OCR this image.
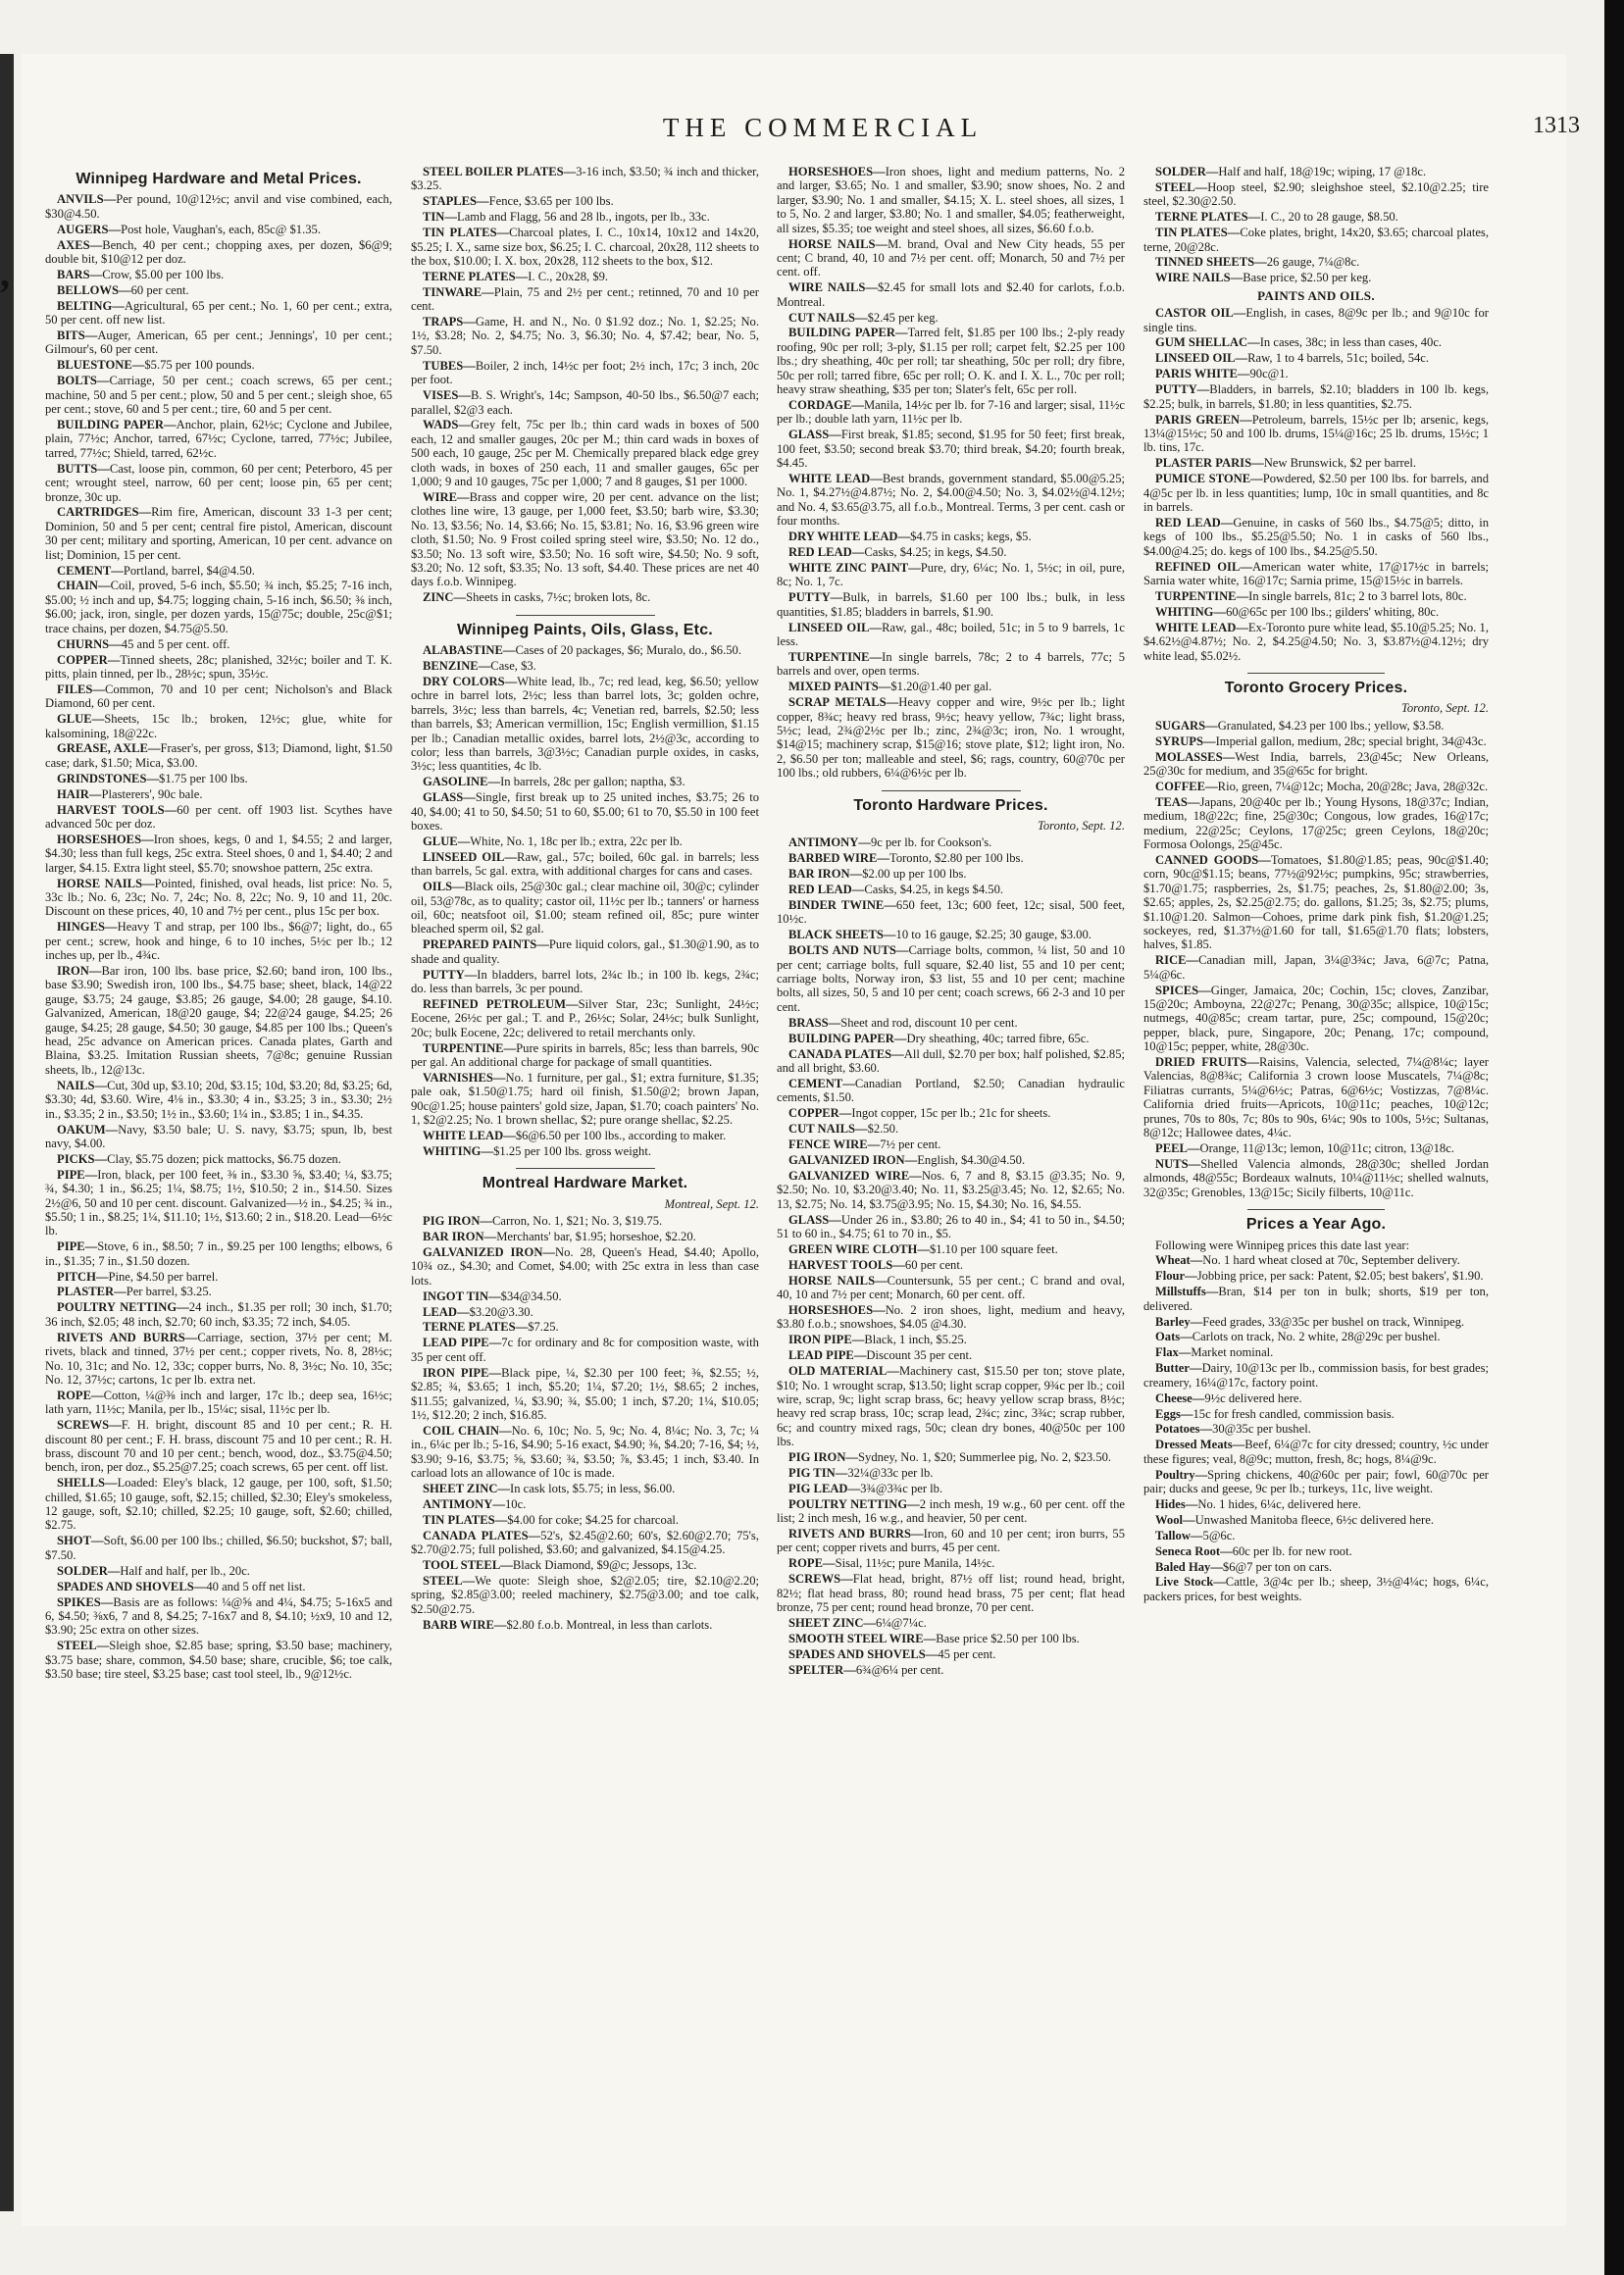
,
THE COMMERCIAL	1313
Winnipeg Hardware and Metal Prices.

ANVILS—Per pound, 10@12½c; anvil and vise combined, each, $30@4.50.

AUGERS—Post hole, Vaughan's, each, 85c@ $1.35.

AXES—Bench, 40 per cent.; chopping axes, per dozen, $6@9; double bit, $10@12 per doz.

BARS—Crow, $5.00 per 100 lbs.

BELLOWS—60 per cent.

BELTING—Agricultural, 65 per cent.; No. 1, 60 per cent.; extra, 50 per cent. off new list.

BITS—Auger, American, 65 per cent.; Jennings', 10 per cent.; Gilmour's, 60 per cent.

BLUESTONE—$5.75 per 100 pounds.

BOLTS—Carriage, 50 per cent.; coach screws, 65 per cent.; machine, 50 and 5 per cent.; plow, 50 and 5 per cent.; sleigh shoe, 65 per cent.; stove, 60 and 5 per cent.; tire, 60 and 5 per cent.

BUILDING PAPER—Anchor, plain, 62½c; Cyclone and Jubilee, plain, 77½c; Anchor, tarred, 67½c; Cyclone, tarred, 77½c; Jubilee, tarred, 77½c; Shield, tarred, 62½c.

BUTTS—Cast, loose pin, common, 60 per cent; Peterboro, 45 per cent; wrought steel, narrow, 60 per cent; loose pin, 65 per cent; bronze, 30c up.

CARTRIDGES—Rim fire, American, discount 33 1-3 per cent; Dominion, 50 and 5 per cent; central fire pistol, American, discount 30 per cent; military and sporting, American, 10 per cent. advance on list; Dominion, 15 per cent.

CEMENT—Portland, barrel, $4@4.50.

CHAIN—Coil, proved, 5-6 inch, $5.50; ¾ inch, $5.25; 7-16 inch, $5.00; ½ inch and up, $4.75; logging chain, 5-16 inch, $6.50; ⅜ inch, $6.00; jack, iron, single, per dozen yards, 15@75c; double, 25c@$1; trace chains, per dozen, $4.75@5.50.

CHURNS—45 and 5 per cent. off.

COPPER—Tinned sheets, 28c; planished, 32½c; boiler and T. K. pitts, plain tinned, per lb., 28½c; spun, 35½c.

FILES—Common, 70 and 10 per cent; Nicholson's and Black Diamond, 60 per cent.

GLUE—Sheets, 15c lb.; broken, 12½c; glue, white for kalsomining, 18@22c.

GREASE, AXLE—Fraser's, per gross, $13; Diamond, light, $1.50 case; dark, $1.50; Mica, $3.00.

GRINDSTONES—$1.75 per 100 lbs.

HAIR—Plasterers', 90c bale.

HARVEST TOOLS—60 per cent. off 1903 list. Scythes have advanced 50c per doz.

HORSESHOES—Iron shoes, kegs, 0 and 1, $4.55; 2 and larger, $4.30; less than full kegs, 25c extra. Steel shoes, 0 and 1, $4.40; 2 and larger, $4.15. Extra light steel, $5.70; snowshoe pattern, 25c extra.

HORSE NAILS—Pointed, finished, oval heads, list price: No. 5, 33c lb.; No. 6, 23c; No. 7, 24c; No. 8, 22c; No. 9, 10 and 11, 20c. Discount on these prices, 40, 10 and 7½ per cent., plus 15c per box.

HINGES—Heavy T and strap, per 100 lbs., $6@7; light, do., 65 per cent.; screw, hook and hinge, 6 to 10 inches, 5½c per lb.; 12 inches up, per lb., 4¾c.

IRON—Bar iron, 100 lbs. base price, $2.60; band iron, 100 lbs., base $3.90; Swedish iron, 100 lbs., $4.75 base; sheet, black, 14@22 gauge, $3.75; 24 gauge, $3.85; 26 gauge, $4.00; 28 gauge, $4.10. Galvanized, American, 18@20 gauge, $4; 22@24 gauge, $4.25; 26 gauge, $4.25; 28 gauge, $4.50; 30 gauge, $4.85 per 100 lbs.; Queen's head, 25c advance on American prices. Canada plates, Garth and Blaina, $3.25. Imitation Russian sheets, 7@8c; genuine Russian sheets, lb., 12@13c.

NAILS—Cut, 30d up, $3.10; 20d, $3.15; 10d, $3.20; 8d, $3.25; 6d, $3.30; 4d, $3.60. Wire, 4⅛ in., $3.30; 4 in., $3.25; 3 in., $3.30; 2½ in., $3.35; 2 in., $3.50; 1½ in., $3.60; 1¼ in., $3.85; 1 in., $4.35.

OAKUM—Navy, $3.50 bale; U. S. navy, $3.75; spun, lb, best navy, $4.00.

PICKS—Clay, $5.75 dozen; pick mattocks, $6.75 dozen.

PIPE—Iron, black, per 100 feet, ⅜ in., $3.30 ⅝, $3.40; ¼, $3.75; ¾, $4.30; 1 in., $6.25; 1¼, $8.75; 1½, $10.50; 2 in., $14.50. Sizes 2½@6, 50 and 10 per cent. discount. Galvanized—½ in., $4.25; ¾ in., $5.50; 1 in., $8.25; 1¼, $11.10; 1½, $13.60; 2 in., $18.20. Lead—6½c lb.

PIPE—Stove, 6 in., $8.50; 7 in., $9.25 per 100 lengths; elbows, 6 in., $1.35; 7 in., $1.50 dozen.

PITCH—Pine, $4.50 per barrel.

PLASTER—Per barrel, $3.25.

POULTRY NETTING—24 inch., $1.35 per roll; 30 inch, $1.70; 36 inch, $2.05; 48 inch, $2.70; 60 inch, $3.35; 72 inch, $4.05.

RIVETS AND BURRS—Carriage, section, 37½ per cent; M. rivets, black and tinned, 37½ per cent.; copper rivets, No. 8, 28½c; No. 10, 31c; and No. 12, 33c; copper burrs, No. 8, 3½c; No. 10, 35c; No. 12, 37½c; cartons, 1c per lb. extra net.

ROPE—Cotton, ¼@⅜ inch and larger, 17c lb.; deep sea, 16½c; lath yarn, 11½c; Manila, per lb., 15¼c; sisal, 11½c per lb.

SCREWS—F. H. bright, discount 85 and 10 per cent.; R. H. discount 80 per cent.; F. H. brass, discount 75 and 10 per cent.; R. H. brass, discount 70 and 10 per cent.; bench, wood, doz., $3.75@4.50; bench, iron, per doz., $5.25@7.25; coach screws, 65 per cent. off list.

SHELLS—Loaded: Eley's black, 12 gauge, per 100, soft, $1.50; chilled, $1.65; 10 gauge, soft, $2.15; chilled, $2.30; Eley's smokeless, 12 gauge, soft, $2.10; chilled, $2.25; 10 gauge, soft, $2.60; chilled, $2.75.

SHOT—Soft, $6.00 per 100 lbs.; chilled, $6.50; buckshot, $7; ball, $7.50.

SOLDER—Half and half, per lb., 20c.

SPADES AND SHOVELS—40 and 5 off net list.

SPIKES—Basis are as follows: ¼@⅝ and 4¼, $4.75; 5-16x5 and 6, $4.50; ⅜x6, 7 and 8, $4.25; 7-16x7 and 8, $4.10; ½x9, 10 and 12, $3.90; 25c extra on other sizes.

STEEL—Sleigh shoe, $2.85 base; spring, $3.50 base; machinery, $3.75 base; share, common, $4.50 base; share, crucible, $6; toe calk, $3.50 base; tire steel, $3.25 base; cast tool steel, lb., 9@12½c.

STEEL BOILER PLATES—3-16 inch, $3.50; ¾ inch and thicker, $3.25.

STAPLES—Fence, $3.65 per 100 lbs.

TIN—Lamb and Flagg, 56 and 28 lb., ingots, per lb., 33c.

TIN PLATES—Charcoal plates, I. C., 10x14, 10x12 and 14x20, $5.25; I. X., same size box, $6.25; I. C. charcoal, 20x28, 112 sheets to the box, $10.00; I. X. box, 20x28, 112 sheets to the box, $12.

TERNE PLATES—I. C., 20x28, $9.

TINWARE—Plain, 75 and 2½ per cent.; retinned, 70 and 10 per cent.

TRAPS—Game, H. and N., No. 0 $1.92 doz.; No. 1, $2.25; No. 1½, $3.28; No. 2, $4.75; No. 3, $6.30; No. 4, $7.42; bear, No. 5, $7.50.

TUBES—Boiler, 2 inch, 14½c per foot; 2½ inch, 17c; 3 inch, 20c per foot.

VISES—B. S. Wright's, 14c; Sampson, 40-50 lbs., $6.50@7 each; parallel, $2@3 each.

WADS—Grey felt, 75c per lb.; thin card wads in boxes of 500 each, 12 and smaller gauges, 20c per M.; thin card wads in boxes of 500 each, 10 gauge, 25c per M. Chemically prepared black edge grey cloth wads, in boxes of 250 each, 11 and smaller gauges, 65c per 1,000; 9 and 10 gauges, 75c per 1,000; 7 and 8 gauges, $1 per 1000.

WIRE—Brass and copper wire, 20 per cent. advance on the list; clothes line wire, 13 gauge, per 1,000 feet, $3.50; barb wire, $3.30; No. 13, $3.56; No. 14, $3.66; No. 15, $3.81; No. 16, $3.96 green wire cloth, $1.50; No. 9 Frost coiled spring steel wire, $3.50; No. 12 do., $3.50; No. 13 soft wire, $3.50; No. 16 soft wire, $4.50; No. 9 soft, $3.20; No. 12 soft, $3.35; No. 13 soft, $4.40. These prices are net 40 days f.o.b. Winnipeg.

ZINC—Sheets in casks, 7½c; broken lots, 8c.

Winnipeg Paints, Oils, Glass, Etc.

ALABASTINE—Cases of 20 packages, $6; Muralo, do., $6.50.

BENZINE—Case, $3.

DRY COLORS—White lead, lb., 7c; red lead, keg, $6.50; yellow ochre in barrel lots, 2½c; less than barrel lots, 3c; golden ochre, barrels, 3½c; less than barrels, 4c; Venetian red, barrels, $2.50; less than barrels, $3; American vermillion, 15c; English vermillion, $1.15 per lb.; Canadian metallic oxides, barrel lots, 2½@3c, according to color; less than barrels, 3@3½c; Canadian purple oxides, in casks, 3½c; less quantities, 4c lb.

GASOLINE—In barrels, 28c per gallon; naptha, $3.

GLASS—Single, first break up to 25 united inches, $3.75; 26 to 40, $4.00; 41 to 50, $4.50; 51 to 60, $5.00; 61 to 70, $5.50 in 100 feet boxes.

GLUE—White, No. 1, 18c per lb.; extra, 22c per lb.

LINSEED OIL—Raw, gal., 57c; boiled, 60c gal. in barrels; less than barrels, 5c gal. extra, with additional charges for cans and cases.

OILS—Black oils, 25@30c gal.; clear machine oil, 30@c; cylinder oil, 53@78c, as to quality; castor oil, 11½c per lb.; tanners' or harness oil, 60c; neatsfoot oil, $1.00; steam refined oil, 85c; pure winter bleached sperm oil, $2 gal.

PREPARED PAINTS—Pure liquid colors, gal., $1.30@1.90, as to shade and quality.

PUTTY—In bladders, barrel lots, 2¾c lb.; in 100 lb. kegs, 2¾c; do. less than barrels, 3c per pound.

REFINED PETROLEUM—Silver Star, 23c; Sunlight, 24½c; Eocene, 26½c per gal.; T. and P., 26½c; Solar, 24½c; bulk Sunlight, 20c; bulk Eocene, 22c; delivered to retail merchants only.

TURPENTINE—Pure spirits in barrels, 85c; less than barrels, 90c per gal. An additional charge for package of small quantities.

VARNISHES—No. 1 furniture, per gal., $1; extra furniture, $1.35; pale oak, $1.50@1.75; hard oil finish, $1.50@2; brown Japan, 90c@1.25; house painters' gold size, Japan, $1.70; coach painters' No. 1, $2@2.25; No. 1 brown shellac, $2; pure orange shellac, $2.25.

WHITE LEAD—$6@6.50 per 100 lbs., according to maker.

WHITING—$1.25 per 100 lbs. gross weight.

Montreal Hardware Market.

Montreal, Sept. 12.

PIG IRON—Carron, No. 1, $21; No. 3, $19.75.

BAR IRON—Merchants' bar, $1.95; horseshoe, $2.20.

GALVANIZED IRON—No. 28, Queen's Head, $4.40; Apollo, 10¾ oz., $4.30; and Comet, $4.00; with 25c extra in less than case lots.

INGOT TIN—$34@34.50.

LEAD—$3.20@3.30.

TERNE PLATES—$7.25.

LEAD PIPE—7c for ordinary and 8c for composition waste, with 35 per cent off.

IRON PIPE—Black pipe, ¼, $2.30 per 100 feet; ⅜, $2.55; ½, $2.85; ¾, $3.65; 1 inch, $5.20; 1¼, $7.20; 1½, $8.65; 2 inches, $11.55; galvanized, ¼, $3.90; ¾, $5.00; 1 inch, $7.20; 1¼, $10.05; 1½, $12.20; 2 inch, $16.85.

COIL CHAIN—No. 6, 10c; No. 5, 9c; No. 4, 8¼c; No. 3, 7c; ¼ in., 6¼c per lb.; 5-16, $4.90; 5-16 exact, $4.90; ⅜, $4.20; 7-16, $4; ½, $3.90; 9-16, $3.75; ⅝, $3.60; ¾, $3.50; ⅞, $3.45; 1 inch, $3.40. In carload lots an allowance of 10c is made.

SHEET ZINC—In cask lots, $5.75; in less, $6.00.

ANTIMONY—10c.

TIN PLATES—$4.00 for coke; $4.25 for charcoal.

CANADA PLATES—52's, $2.45@2.60; 60's, $2.60@2.70; 75's, $2.70@2.75; full polished, $3.60; and galvanized, $4.15@4.25.

TOOL STEEL—Black Diamond, $9@c; Jessops, 13c.

STEEL—We quote: Sleigh shoe, $2@2.05; tire, $2.10@2.20; spring, $2.85@3.00; reeled machinery, $2.75@3.00; and toe calk, $2.50@2.75.

BARB WIRE—$2.80 f.o.b. Montreal, in less than carlots.

HORSESHOES—Iron shoes, light and medium patterns, No. 2 and larger, $3.65; No. 1 and smaller, $3.90; snow shoes, No. 2 and larger, $3.90; No. 1 and smaller, $4.15; X. L. steel shoes, all sizes, 1 to 5, No. 2 and larger, $3.80; No. 1 and smaller, $4.05; featherweight, all sizes, $5.35; toe weight and steel shoes, all sizes, $6.60 f.o.b.

HORSE NAILS—M. brand, Oval and New City heads, 55 per cent; C brand, 40, 10 and 7½ per cent. off; Monarch, 50 and 7½ per cent. off.

WIRE NAILS—$2.45 for small lots and $2.40 for carlots, f.o.b. Montreal.

CUT NAILS—$2.45 per keg.

BUILDING PAPER—Tarred felt, $1.85 per 100 lbs.; 2-ply ready roofing, 90c per roll; 3-ply, $1.15 per roll; carpet felt, $2.25 per 100 lbs.; dry sheathing, 40c per roll; tar sheathing, 50c per roll; dry fibre, 50c per roll; tarred fibre, 65c per roll; O. K. and I. X. L., 70c per roll; heavy straw sheathing, $35 per ton; Slater's felt, 65c per roll.

CORDAGE—Manila, 14½c per lb. for 7-16 and larger; sisal, 11½c per lb.; double lath yarn, 11½c per lb.

GLASS—First break, $1.85; second, $1.95 for 50 feet; first break, 100 feet, $3.50; second break $3.70; third break, $4.20; fourth break, $4.45.

WHITE LEAD—Best brands, government standard, $5.00@5.25; No. 1, $4.27½@4.87½; No. 2, $4.00@4.50; No. 3, $4.02½@4.12½; and No. 4, $3.65@3.75, all f.o.b., Montreal. Terms, 3 per cent. cash or four months.

DRY WHITE LEAD—$4.75 in casks; kegs, $5.

RED LEAD—Casks, $4.25; in kegs, $4.50.

WHITE ZINC PAINT—Pure, dry, 6¼c; No. 1, 5½c; in oil, pure, 8c; No. 1, 7c.

PUTTY—Bulk, in barrels, $1.60 per 100 lbs.; bulk, in less quantities, $1.85; bladders in barrels, $1.90.

LINSEED OIL—Raw, gal., 48c; boiled, 51c; in 5 to 9 barrels, 1c less.

TURPENTINE—In single barrels, 78c; 2 to 4 barrels, 77c; 5 barrels and over, open terms.

MIXED PAINTS—$1.20@1.40 per gal.

SCRAP METALS—Heavy copper and wire, 9½c per lb.; light copper, 8¾c; heavy red brass, 9½c; heavy yellow, 7¾c; light brass, 5½c; lead, 2¾@2½c per lb.; zinc, 2¾@3c; iron, No. 1 wrought, $14@15; machinery scrap, $15@16; stove plate, $12; light iron, No. 2, $6.50 per ton; malleable and steel, $6; rags, country, 60@70c per 100 lbs.; old rubbers, 6¼@6½c per lb.

Toronto Hardware Prices.

Toronto, Sept. 12.

ANTIMONY—9c per lb. for Cookson's.

BARBED WIRE—Toronto, $2.80 per 100 lbs.

BAR IRON—$2.00 up per 100 lbs.

RED LEAD—Casks, $4.25, in kegs $4.50.

BINDER TWINE—650 feet, 13c; 600 feet, 12c; sisal, 500 feet, 10½c.

BLACK SHEETS—10 to 16 gauge, $2.25; 30 gauge, $3.00.

BOLTS AND NUTS—Carriage bolts, common, ¼ list, 50 and 10 per cent; carriage bolts, full square, $2.40 list, 55 and 10 per cent; carriage bolts, Norway iron, $3 list, 55 and 10 per cent; machine bolts, all sizes, 50, 5 and 10 per cent; coach screws, 66 2-3 and 10 per cent.

BRASS—Sheet and rod, discount 10 per cent.

BUILDING PAPER—Dry sheathing, 40c; tarred fibre, 65c.

CANADA PLATES—All dull, $2.70 per box; half polished, $2.85; and all bright, $3.60.

CEMENT—Canadian Portland, $2.50; Canadian hydraulic cements, $1.50.

COPPER—Ingot copper, 15c per lb.; 21c for sheets.

CUT NAILS—$2.50.

FENCE WIRE—7½ per cent.

GALVANIZED IRON—English, $4.30@4.50.

GALVANIZED WIRE—Nos. 6, 7 and 8, $3.15 @3.35; No. 9, $2.50; No. 10, $3.20@3.40; No. 11, $3.25@3.45; No. 12, $2.65; No. 13, $2.75; No. 14, $3.75@3.95; No. 15, $4.30; No. 16, $4.55.

GLASS—Under 26 in., $3.80; 26 to 40 in., $4; 41 to 50 in., $4.50; 51 to 60 in., $4.75; 61 to 70 in., $5.

GREEN WIRE CLOTH—$1.10 per 100 square feet.

HARVEST TOOLS—60 per cent.

HORSE NAILS—Countersunk, 55 per cent.; C brand and oval, 40, 10 and 7½ per cent; Monarch, 60 per cent. off.

HORSESHOES—No. 2 iron shoes, light, medium and heavy, $3.80 f.o.b.; snowshoes, $4.05 @4.30.

IRON PIPE—Black, 1 inch, $5.25.

LEAD PIPE—Discount 35 per cent.

OLD MATERIAL—Machinery cast, $15.50 per ton; stove plate, $10; No. 1 wrought scrap, $13.50; light scrap copper, 9¾c per lb.; coil wire, scrap, 9c; light scrap brass, 6c; heavy yellow scrap brass, 8½c; heavy red scrap brass, 10c; scrap lead, 2¾c; zinc, 3¾c; scrap rubber, 6c; and country mixed rags, 50c; clean dry bones, 40@50c per 100 lbs.

PIG IRON—Sydney, No. 1, $20; Summerlee pig, No. 2, $23.50.

PIG TIN—32¼@33c per lb.

PIG LEAD—3¾@3¾c per lb.

POULTRY NETTING—2 inch mesh, 19 w.g., 60 per cent. off the list; 2 inch mesh, 16 w.g., and heavier, 50 per cent.

RIVETS AND BURRS—Iron, 60 and 10 per cent; iron burrs, 55 per cent; copper rivets and burrs, 45 per cent.

ROPE—Sisal, 11½c; pure Manila, 14½c.

SCREWS—Flat head, bright, 87½ off list; round head, bright, 82½; flat head brass, 80; round head brass, 75 per cent; flat head bronze, 75 per cent; round head bronze, 70 per cent.

SHEET ZINC—6¼@7¼c.

SMOOTH STEEL WIRE—Base price $2.50 per 100 lbs.

SPADES AND SHOVELS—45 per cent.

SPELTER—6¾@6¼ per cent.

SOLDER—Half and half, 18@19c; wiping, 17 @18c.

STEEL—Hoop steel, $2.90; sleighshoe steel, $2.10@2.25; tire steel, $2.30@2.50.

TERNE PLATES—I. C., 20 to 28 gauge, $8.50.

TIN PLATES—Coke plates, bright, 14x20, $3.65; charcoal plates, terne, 20@28c.

TINNED SHEETS—26 gauge, 7¼@8c.

WIRE NAILS—Base price, $2.50 per keg.

PAINTS AND OILS.

CASTOR OIL—English, in cases, 8@9c per lb.; and 9@10c for single tins.

GUM SHELLAC—In cases, 38c; in less than cases, 40c.

LINSEED OIL—Raw, 1 to 4 barrels, 51c; boiled, 54c.

PARIS WHITE—90c@1.

PUTTY—Bladders, in barrels, $2.10; bladders in 100 lb. kegs, $2.25; bulk, in barrels, $1.80; in less quantities, $2.75.

PARIS GREEN—Petroleum, barrels, 15½c per lb; arsenic, kegs, 13¼@15½c; 50 and 100 lb. drums, 15¼@16c; 25 lb. drums, 15½c; 1 lb. tins, 17c.

PLASTER PARIS—New Brunswick, $2 per barrel.

PUMICE STONE—Powdered, $2.50 per 100 lbs. for barrels, and 4@5c per lb. in less quantities; lump, 10c in small quantities, and 8c in barrels.

RED LEAD—Genuine, in casks of 560 lbs., $4.75@5; ditto, in kegs of 100 lbs., $5.25@5.50; No. 1 in casks of 560 lbs., $4.00@4.25; do. kegs of 100 lbs., $4.25@5.50.

REFINED OIL—American water white, 17@17½c in barrels; Sarnia water white, 16@17c; Sarnia prime, 15@15½c in barrels.

TURPENTINE—In single barrels, 81c; 2 to 3 barrel lots, 80c.

WHITING—60@65c per 100 lbs.; gilders' whiting, 80c.

WHITE LEAD—Ex-Toronto pure white lead, $5.10@5.25; No. 1, $4.62½@4.87½; No. 2, $4.25@4.50; No. 3, $3.87½@4.12½; dry white lead, $5.02½.

Toronto Grocery Prices.

Toronto, Sept. 12.

SUGARS—Granulated, $4.23 per 100 lbs.; yellow, $3.58.

SYRUPS—Imperial gallon, medium, 28c; special bright, 34@43c.

MOLASSES—West India, barrels, 23@45c; New Orleans, 25@30c for medium, and 35@65c for bright.

COFFEE—Rio, green, 7¼@12c; Mocha, 20@28c; Java, 28@32c.

TEAS—Japans, 20@40c per lb.; Young Hysons, 18@37c; Indian, medium, 18@22c; fine, 25@30c; Congous, low grades, 16@17c; medium, 22@25c; Ceylons, 17@25c; green Ceylons, 18@20c; Formosa Oolongs, 25@45c.

CANNED GOODS—Tomatoes, $1.80@1.85; peas, 90c@$1.40; corn, 90c@$1.15; beans, 77½@92½c; pumpkins, 95c; strawberries, $1.70@1.75; raspberries, 2s, $1.75; peaches, 2s, $1.80@2.00; 3s, $2.65; apples, 2s, $2.25@2.75; do. gallons, $1.25; 3s, $2.75; plums, $1.10@1.20. Salmon—Cohoes, prime dark pink fish, $1.20@1.25; sockeyes, red, $1.37½@1.60 for tall, $1.65@1.70 flats; lobsters, halves, $1.85.

RICE—Canadian mill, Japan, 3¼@3¾c; Java, 6@7c; Patna, 5¼@6c.

SPICES—Ginger, Jamaica, 20c; Cochin, 15c; cloves, Zanzibar, 15@20c; Amboyna, 22@27c; Penang, 30@35c; allspice, 10@15c; nutmegs, 40@85c; cream tartar, pure, 25c; compound, 15@20c; pepper, black, pure, Singapore, 20c; Penang, 17c; compound, 10@15c; pepper, white, 28@30c.

DRIED FRUITS—Raisins, Valencia, selected, 7¼@8¼c; layer Valencias, 8@8¾c; California 3 crown loose Muscatels, 7¼@8c; Filiatras currants, 5¼@6½c; Patras, 6@6½c; Vostizzas, 7@8¼c. California dried fruits—Apricots, 10@11c; peaches, 10@12c; prunes, 70s to 80s, 7c; 80s to 90s, 6¼c; 90s to 100s, 5½c; Sultanas, 8@12c; Hallowee dates, 4¼c.

PEEL—Orange, 11@13c; lemon, 10@11c; citron, 13@18c.

NUTS—Shelled Valencia almonds, 28@30c; shelled Jordan almonds, 48@55c; Bordeaux walnuts, 10¼@11½c; shelled walnuts, 32@35c; Grenobles, 13@15c; Sicily filberts, 10@11c.

Prices a Year Ago.

Following were Winnipeg prices this date last year:

Wheat—No. 1 hard wheat closed at 70c, September delivery.

Flour—Jobbing price, per sack: Patent, $2.05; best bakers', $1.90.

Millstuffs—Bran, $14 per ton in bulk; shorts, $19 per ton, delivered.

Barley—Feed grades, 33@35c per bushel on track, Winnipeg.

Oats—Carlots on track, No. 2 white, 28@29c per bushel.

Flax—Market nominal.

Butter—Dairy, 10@13c per lb., commission basis, for best grades; creamery, 16¼@17c, factory point.

Cheese—9½c delivered here.

Eggs—15c for fresh candled, commission basis.

Potatoes—30@35c per bushel.

Dressed Meats—Beef, 6¼@7c for city dressed; country, ½c under these figures; veal, 8@9c; mutton, fresh, 8c; hogs, 8¼@9c.

Poultry—Spring chickens, 40@60c per pair; fowl, 60@70c per pair; ducks and geese, 9c per lb.; turkeys, 11c, live weight.

Hides—No. 1 hides, 6¼c, delivered here.

Wool—Unwashed Manitoba fleece, 6½c delivered here.

Tallow—5@6c.

Seneca Root—60c per lb. for new root.

Baled Hay—$6@7 per ton on cars.

Live Stock—Cattle, 3@4c per lb.; sheep, 3½@4¼c; hogs, 6¼c, packers prices, for best weights.
